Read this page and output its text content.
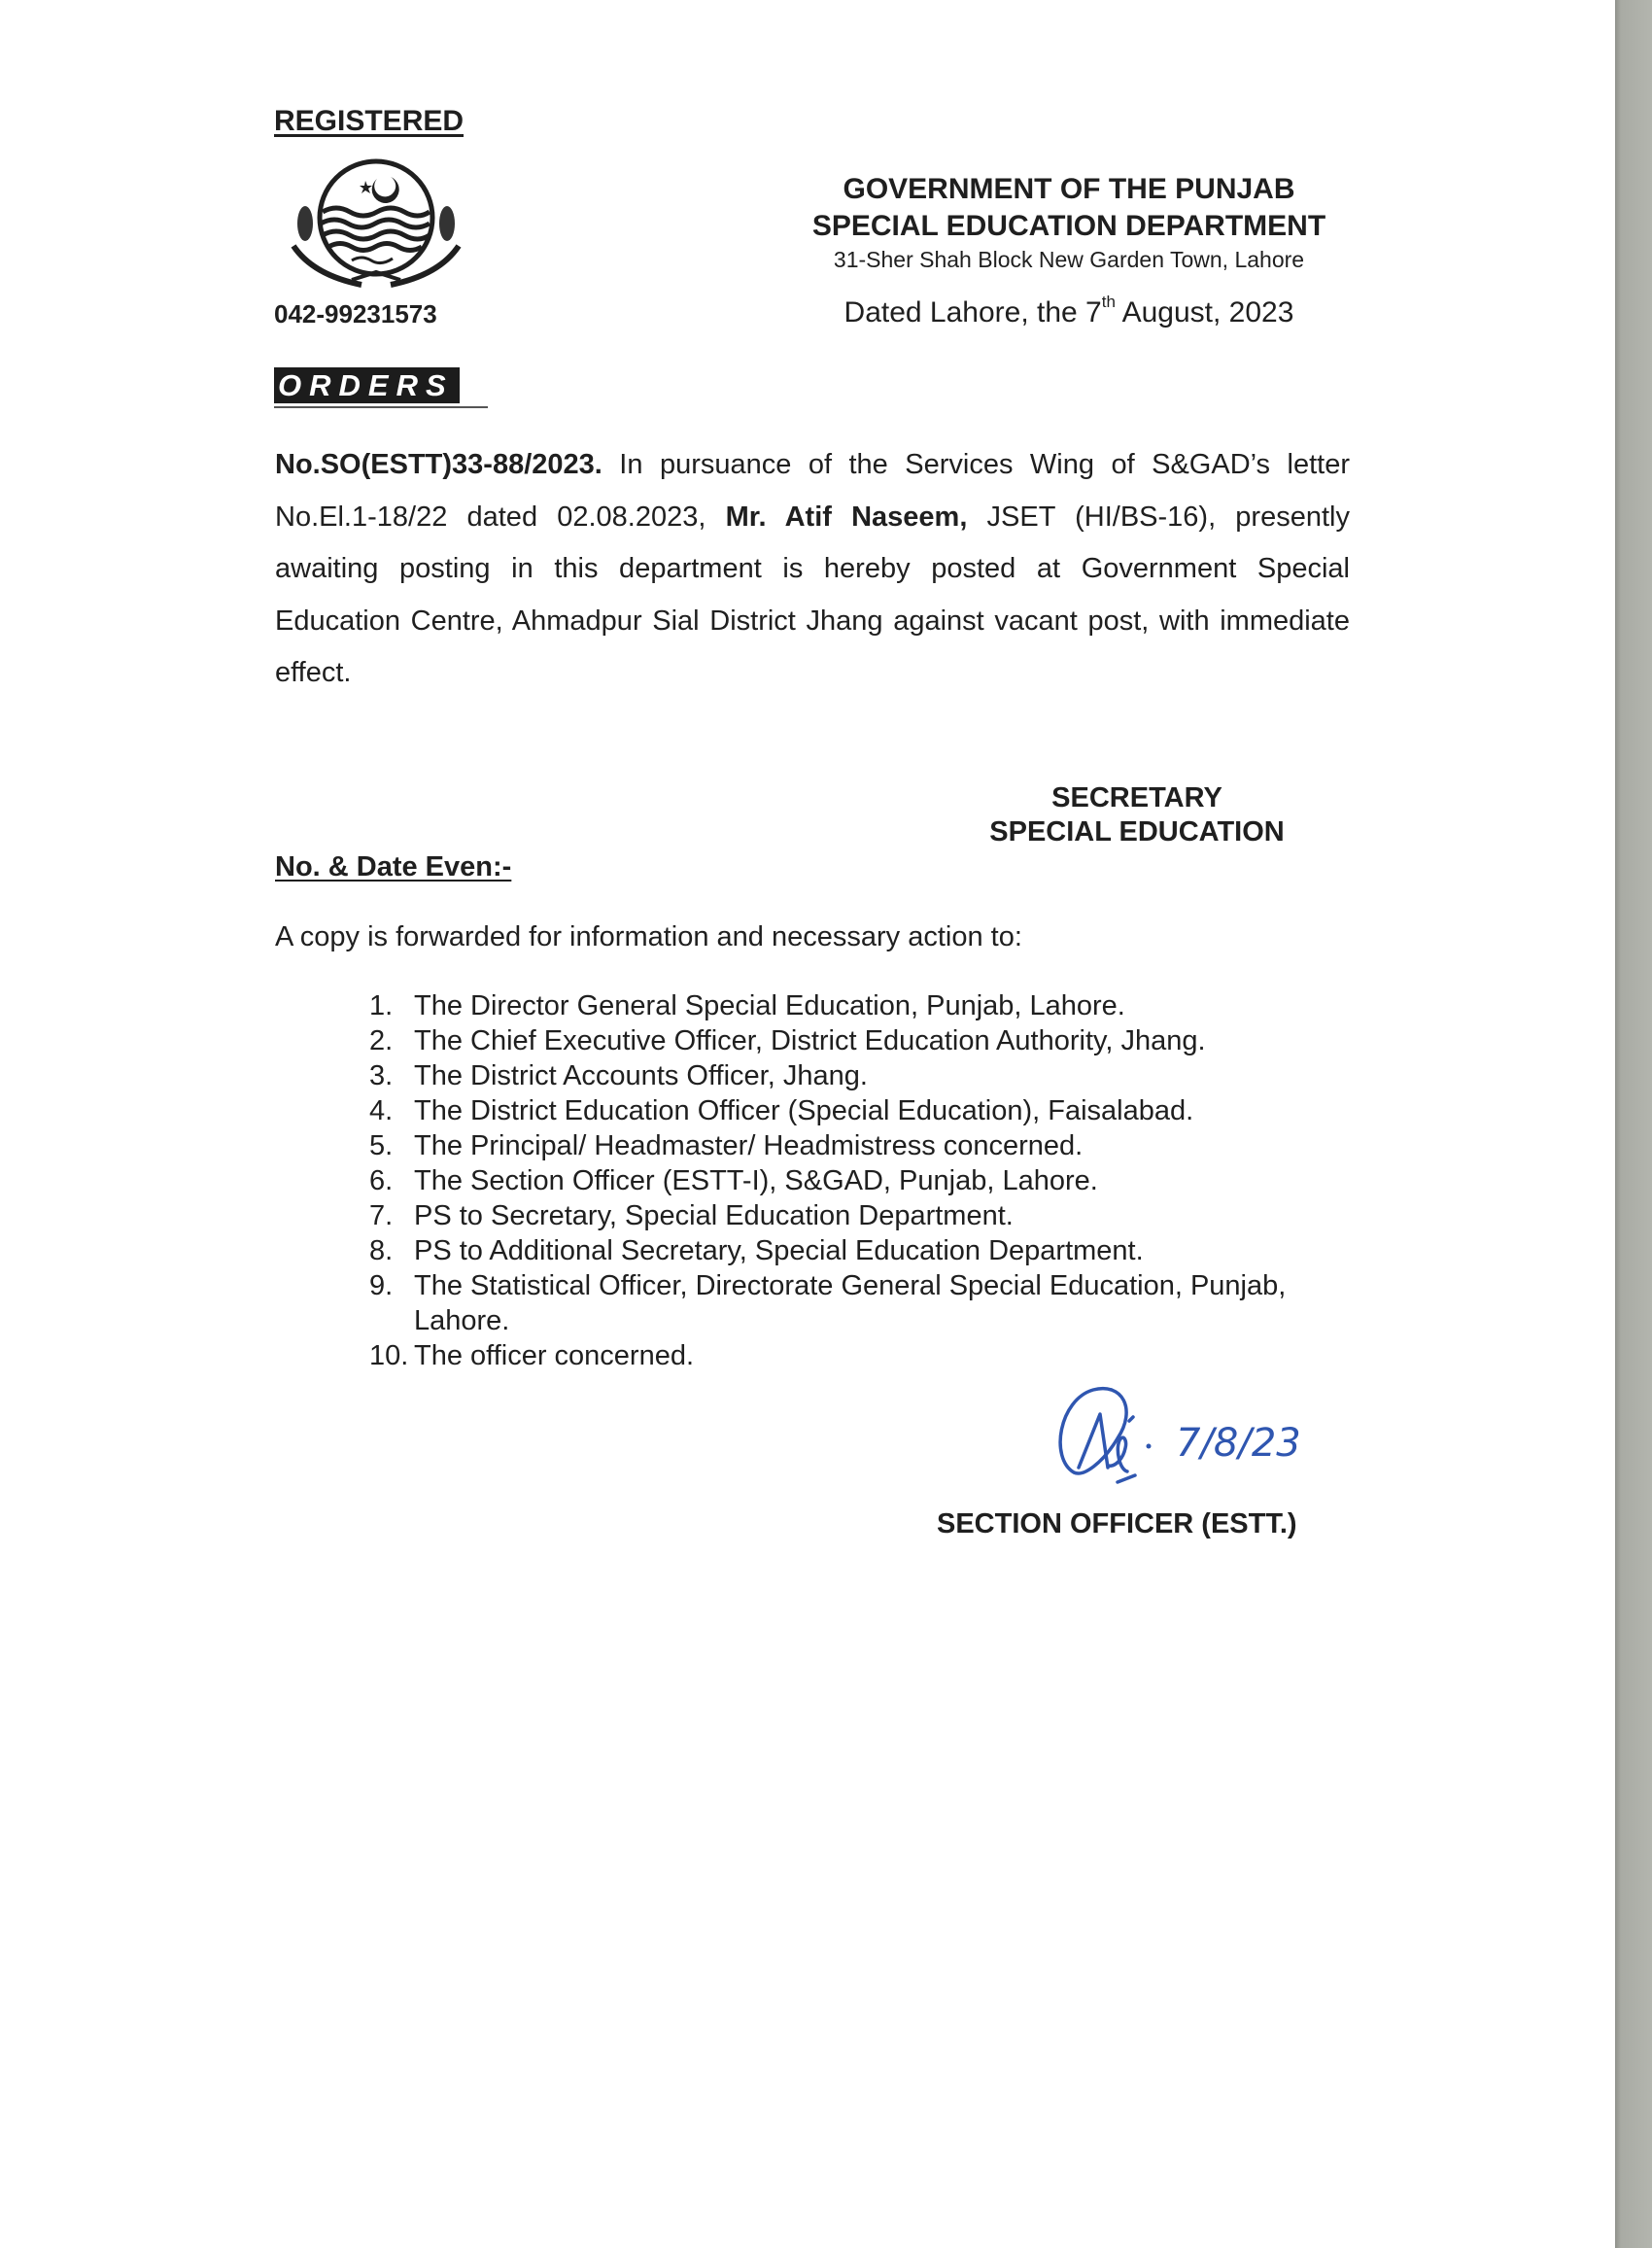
REGISTERED
042-99231573
GOVERNMENT OF THE PUNJAB
SPECIAL EDUCATION DEPARTMENT
31-Sher Shah Block New Garden Town, Lahore
Dated Lahore, the 7th August, 2023
ORDERS
No.SO(ESTT)33-88/2023. In pursuance of the Services Wing of S&GAD’s letter No.El.1-18/22 dated 02.08.2023, Mr. Atif Naseem, JSET (HI/BS-16), presently awaiting posting in this department is hereby posted at Government Special Education Centre, Ahmadpur Sial District Jhang against vacant post, with immediate effect.
SECRETARY
SPECIAL EDUCATION
No. & Date Even:-
A copy is forwarded for information and necessary action to:
1. The Director General Special Education, Punjab, Lahore.
2. The Chief Executive Officer, District Education Authority, Jhang.
3. The District Accounts Officer, Jhang.
4. The District Education Officer (Special Education), Faisalabad.
5. The Principal/ Headmaster/ Headmistress concerned.
6. The Section Officer (ESTT-I), S&GAD, Punjab, Lahore.
7. PS to Secretary, Special Education Department.
8. PS to Additional Secretary, Special Education Department.
9. The Statistical Officer, Directorate General Special Education, Punjab, Lahore.
10. The officer concerned.
7/8/23
SECTION OFFICER (ESTT.)
